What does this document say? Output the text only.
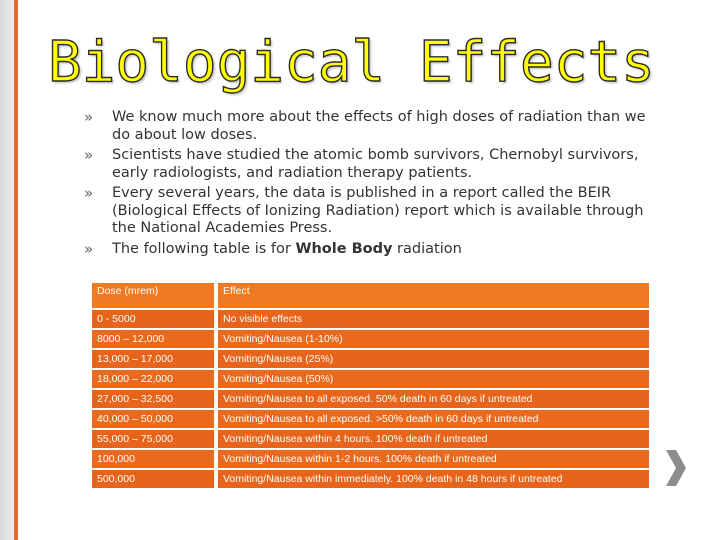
Biological Effects
» We know much more about the effects of high doses of radiation than we do about low doses.
» Scientists have studied the atomic bomb survivors, Chernobyl survivors, early radiologists, and radiation therapy patients.
» Every several years, the data is published in a report called the BEIR (Biological Effects of Ionizing Radiation) report which is available through the National Academies Press.
» The following table is for Whole Body radiation
Dose (mrem)	Effect
0 - 5000	No visible effects
8000 – 12,000	Vomiting/Nausea (1-10%)
13,000 – 17,000	Vomiting/Nausea (25%)
18,000 – 22,000	Vomiting/Nausea (50%)
27,000 – 32,500	Vomiting/Nausea to all exposed. 50% death in 60 days if untreated
40,000 – 50,000	Vomiting/Nausea to all exposed. >50% death in 60 days if untreated
55,000 – 75,000	Vomiting/Nausea within 4 hours. 100% death if untreated
100,000	Vomiting/Nausea within 1-2 hours. 100% death if untreated
500,000	Vomiting/Nausea within immediately. 100% death in 48 hours if untreated
